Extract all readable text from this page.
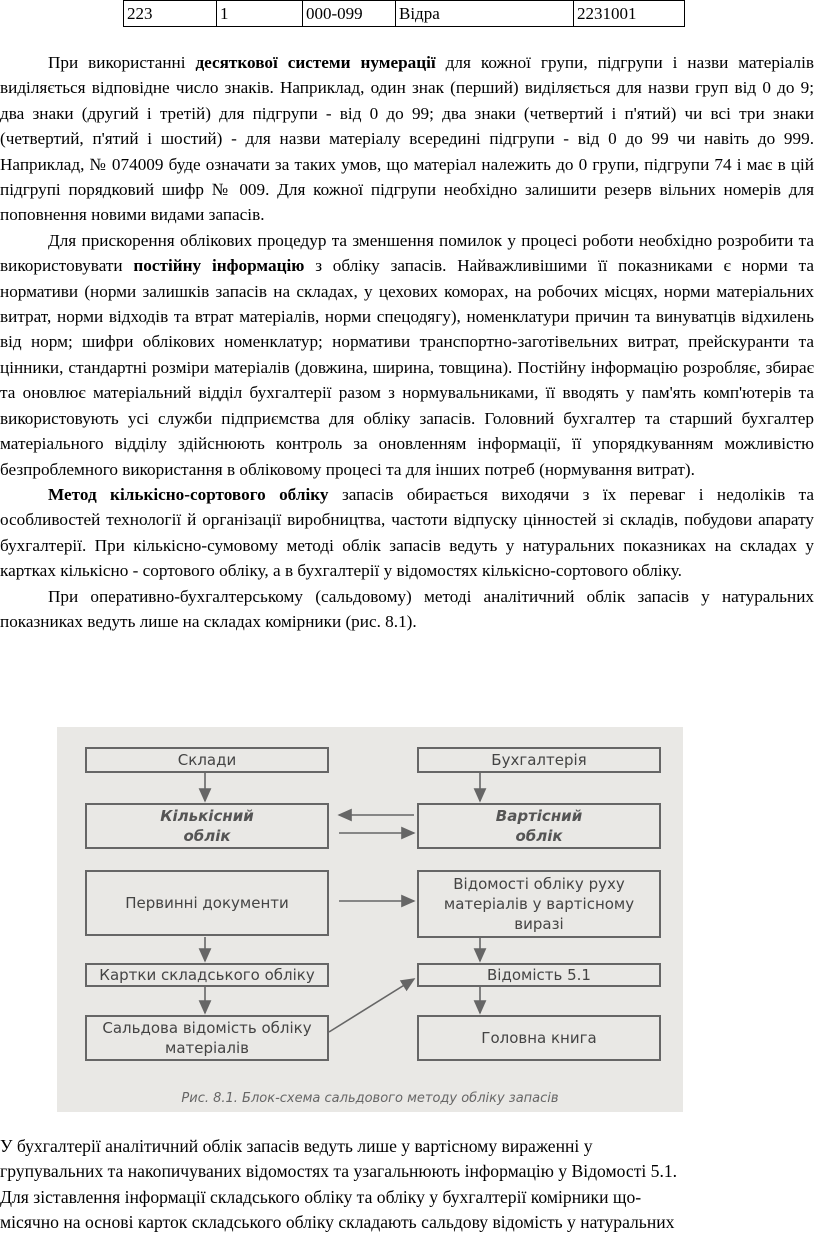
223	1	000-099	Відра	2231001

При використанні десяткової системи нумерації для кожної групи, підгрупи і назви матеріалів виділяється відповідне число знаків. Наприклад, один знак (перший) виділяється для назви груп від 0 до 9; два знаки (другий і третій) для підгрупи - від 0 до 99; два знаки (четвертий і п'ятий) чи всі три знаки (четвертий, п'ятий і шостий) - для назви матеріалу всередині підгрупи - від 0 до 99 чи навіть до 999. Наприклад, № 074009 буде означати за таких умов, що матеріал належить до 0 групи, підгрупи 74 і має в цій підгрупі порядковий шифр № 009. Для кожної підгрупи необхідно залишити резерв вільних номерів для поповнення новими видами запасів.

Для прискорення облікових процедур та зменшення помилок у процесі роботи необхідно розробити та використовувати постійну інформацію з обліку запасів. Найважливішими її показниками є норми та нормативи (норми залишків запасів на складах, у цехових коморах, на робочих місцях, норми матеріальних витрат, норми відходів та втрат матеріалів, норми спецодягу), номенклатури причин та винуватців відхилень від норм; шифри облікових номенклатур; нормативи транспортно-заготівельних витрат, прейскуранти та цінники, стандартні розміри матеріалів (довжина, ширина, товщина). Постійну інформацію розробляє, збирає та оновлює матеріальний відділ бухгалтерії разом з нормувальниками, її вводять у пам'ять комп'ютерів та використовують усі служби підприємства для обліку запасів. Головний бухгалтер та старший бухгалтер матеріального відділу здійснюють контроль за оновленням інформації, її упорядкуванням можливістю безпроблемного використання в обліковому процесі та для інших потреб (нормування витрат).

Метод кількісно-сортового обліку запасів обирається виходячи з їх переваг і недоліків та особливостей технології й організації виробництва, частоти відпуску цінностей зі складів, побудови апарату бухгалтерії. При кількісно-сумовому методі облік запасів ведуть у натуральних показниках на складах у картках кількісно - сортового обліку, а в бухгалтерії у відомостях кількісно-сортового обліку.

При оперативно-бухгалтерському (сальдовому) методі аналітичний облік запасів у натуральних показниках ведуть лише на складах комірники (рис. 8.1).

Склади	Бухгалтерія
Кількісний
облік
Вартісний
облік
Первинні документи
Відомості обліку руху
матеріалів у вартісному
виразі
Картки складського обліку	Відомість 5.1
Сальдова відомість обліку
матеріалів
Головна книга
Рис. 8.1. Блок-схема сальдового методу обліку запасів
У бухгалтерії аналітичний облік запасів ведуть лише у вартісному вираженні у
групувальних та накопичуваних відомостях та узагальнюють інформацію у Відомості 5.1.
Для зіставлення інформації складського обліку та обліку у бухгалтерії комірники що-
місячно на основі карток складського обліку складають сальдову відомість у натуральних
